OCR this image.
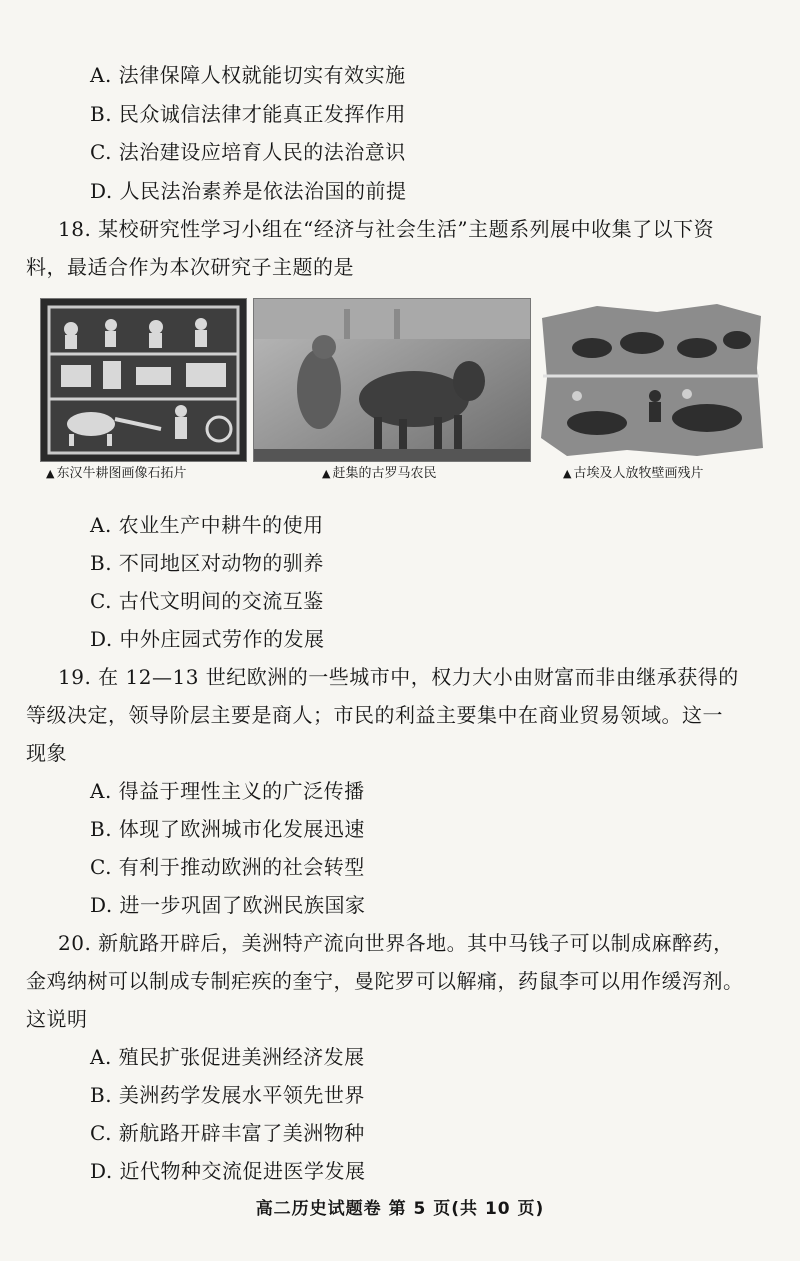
A. 法律保障人权就能切实有效实施
B. 民众诚信法律才能真正发挥作用
C. 法治建设应培育人民的法治意识
D. 人民法治素养是依法治国的前提
18. 某校研究性学习小组在“经济与社会生活”主题系列展中收集了以下资
料，最适合作为本次研究子主题的是
▲ 东汉牛耕图画像石拓片	▲ 赶集的古罗马农民	▲ 古埃及人放牧壁画残片
A. 农业生产中耕牛的使用
B. 不同地区对动物的驯养
C. 古代文明间的交流互鉴
D. 中外庄园式劳作的发展
19. 在 12—13 世纪欧洲的一些城市中，权力大小由财富而非由继承获得的
等级决定，领导阶层主要是商人；市民的利益主要集中在商业贸易领域。这一
现象
A. 得益于理性主义的广泛传播
B. 体现了欧洲城市化发展迅速
C. 有利于推动欧洲的社会转型
D. 进一步巩固了欧洲民族国家
20. 新航路开辟后，美洲特产流向世界各地。其中马钱子可以制成麻醉药，
金鸡纳树可以制成专制疟疾的奎宁，曼陀罗可以解痛，药鼠李可以用作缓泻剂。
这说明
A. 殖民扩张促进美洲经济发展
B. 美洲药学发展水平领先世界
C. 新航路开辟丰富了美洲物种
D. 近代物种交流促进医学发展
高二历史试题卷 第 5 页(共 10 页)
